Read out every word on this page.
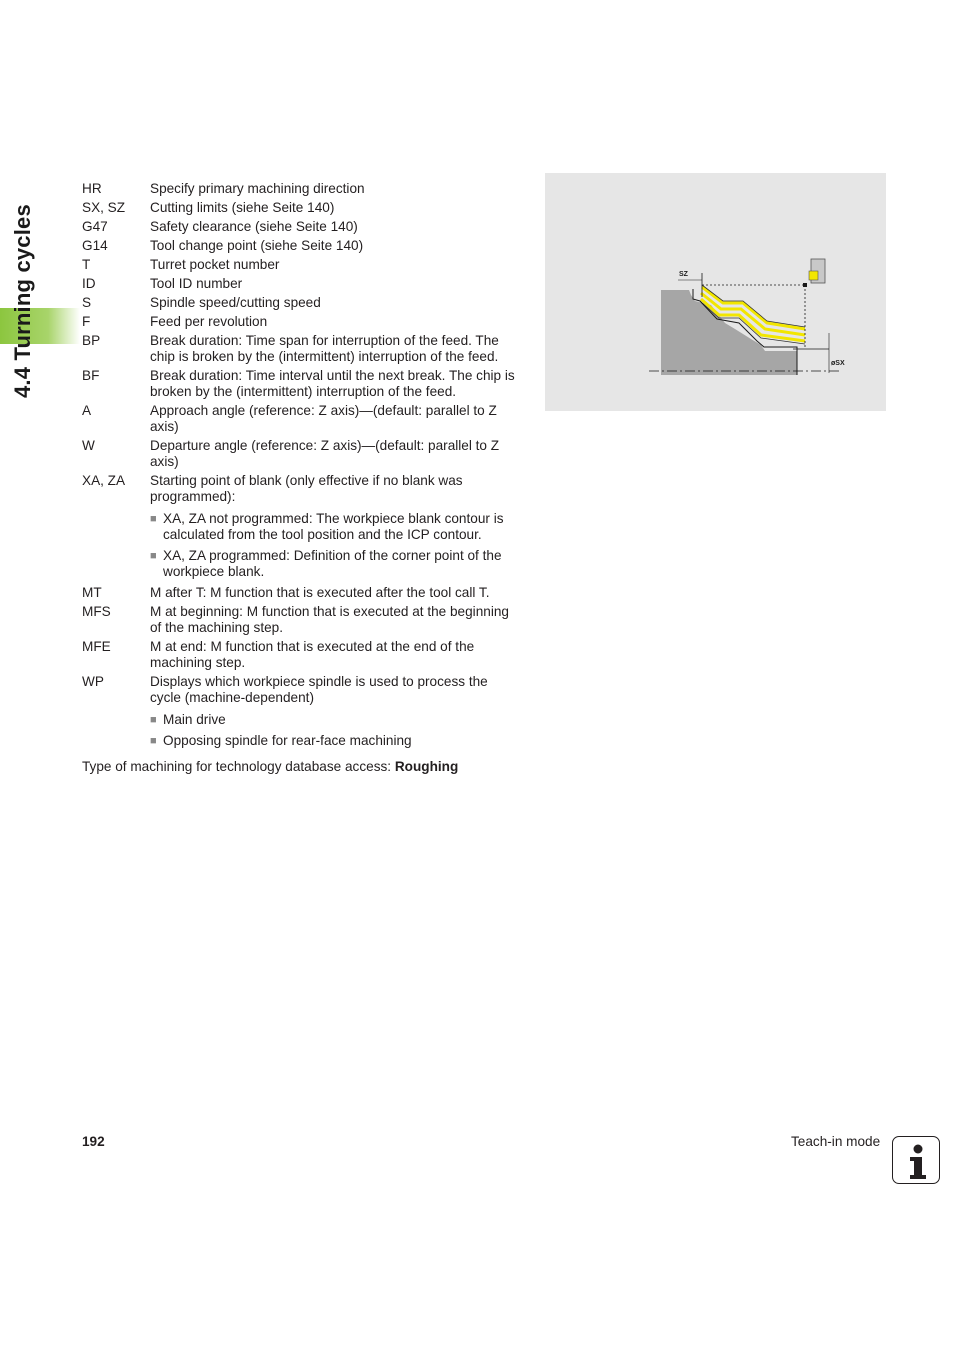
4.4 Turning cycles
HR	Specify primary machining direction
SX, SZ	Cutting limits (siehe Seite 140)
G47	Safety clearance (siehe Seite 140)
G14	Tool change point (siehe Seite 140)
T	Turret pocket number
ID	Tool ID number
S	Spindle speed/cutting speed
F	Feed per revolution
BP	Break duration: Time span for interruption of the feed. The chip is broken by the (intermittent) interruption of the feed.
BF	Break duration: Time interval until the next break. The chip is broken by the (intermittent) interruption of the feed.
A	Approach angle (reference: Z axis)—(default: parallel to Z axis)
W	Departure angle (reference: Z axis)—(default: parallel to Z axis)
XA, ZA	Starting point of blank (only effective if no blank was programmed):
■ XA, ZA not programmed: The workpiece blank contour is calculated from the tool position and the ICP contour.
■ XA, ZA programmed: Definition of the corner point of the workpiece blank.
MT	M after T: M function that is executed after the tool call T.
MFS	M at beginning: M function that is executed at the beginning of the machining step.
MFE	M at end: M function that is executed at the end of the machining step.
WP	Displays which workpiece spindle is used to process the cycle (machine-dependent)
■ Main drive
■ Opposing spindle for rear-face machining
Type of machining for technology database access: Roughing
SZ
øSX
192	Teach-in mode
